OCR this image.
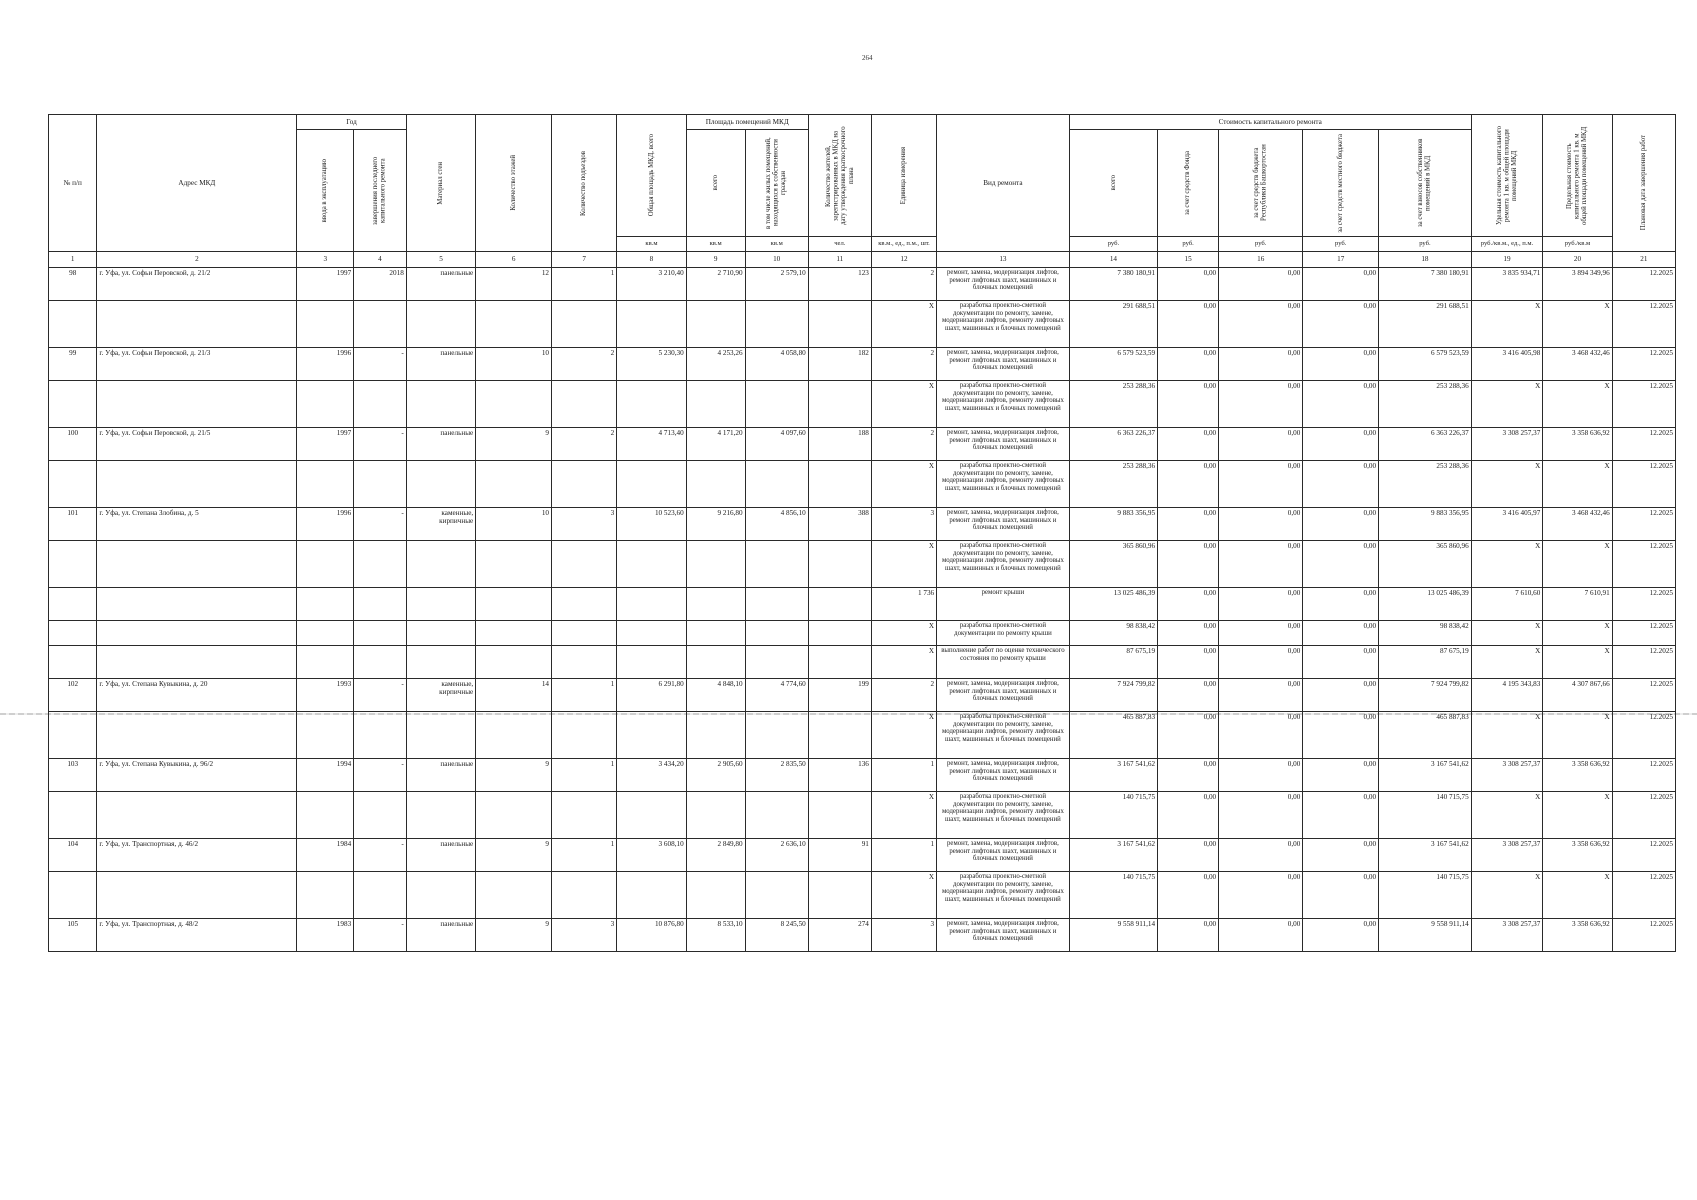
264
№ п/п	Адрес МКД	Год		Материал стен	Количество этажей	Количество подъездов	Общая площадь МКД, всего	Площадь помещений МКД		Количество жителей, зарегистрированных в МКД на дату утверждения краткосрочного плана	Единица измерения	Вид ремонта	Стоимость капитального ремонта					Удельная стоимость капитального ремонта 1 кв. м общей площади помещений МКД	Предельная стоимость капитального ремонта 1 кв. м общей площади помещений МКД	Плановая дата завершения работ

		ввода в эксплуатацию	завершения последнего капитального ремонта					всего	в том числе жилых помещений, находящихся в собственности граждан				всего	за счет средств Фонда	за счет средств бюджета Республики Башкортостан	за счет средств местного бюджета	за счет взносов собственников помещений в МКД			

							кв.м	кв.м	кв.м	чел.	кв.м., ед., п.м., шт.		руб.	руб.	руб.	руб.	руб.	руб./кв.м., ед., п.м.	руб./кв.м	
1	2	3	4	5	6	7	8	9	10	11	12	13	14	15	16	17	18	19	20	21
98	г. Уфа, ул. Софьи Перовской, д. 21/2	1997	2018	панельные	12	1	3 210,40	2 710,90	2 579,10	123	2	ремонт, замена, модернизация лифтов, ремонт лифтовых шахт, машинных и блочных помещений	7 380 180,91	0,00	0,00	0,00	7 380 180,91	3 835 934,71	3 894 349,96	12.2025
											X	разработка проектно-сметной документации по ремонту, замене, модернизации лифтов, ремонту лифтовых шахт, машинных и блочных помещений	291 688,51	0,00	0,00	0,00	291 688,51	X	X	12.2025
99	г. Уфа, ул. Софьи Перовской, д. 21/3	1996	-	панельные	10	2	5 230,30	4 253,26	4 058,80	182	2	ремонт, замена, модернизация лифтов, ремонт лифтовых шахт, машинных и блочных помещений	6 579 523,59	0,00	0,00	0,00	6 579 523,59	3 416 405,98	3 468 432,46	12.2025
											X	разработка проектно-сметной документации по ремонту, замене, модернизации лифтов, ремонту лифтовых шахт, машинных и блочных помещений	253 288,36	0,00	0,00	0,00	253 288,36	X	X	12.2025
100	г. Уфа, ул. Софьи Перовской, д. 21/5	1997	-	панельные	9	2	4 713,40	4 171,20	4 097,60	188	2	ремонт, замена, модернизация лифтов, ремонт лифтовых шахт, машинных и блочных помещений	6 363 226,37	0,00	0,00	0,00	6 363 226,37	3 308 257,37	3 358 636,92	12.2025
											X	разработка проектно-сметной документации по ремонту, замене, модернизации лифтов, ремонту лифтовых шахт, машинных и блочных помещений	253 288,36	0,00	0,00	0,00	253 288,36	X	X	12.2025
101	г. Уфа, ул. Степана Злобина, д. 5	1996	-	каменные, кирпичные	10	3	10 523,60	9 216,80	4 856,10	388	3	ремонт, замена, модернизация лифтов, ремонт лифтовых шахт, машинных и блочных помещений	9 883 356,95	0,00	0,00	0,00	9 883 356,95	3 416 405,97	3 468 432,46	12.2025
											X	разработка проектно-сметной документации по ремонту, замене, модернизации лифтов, ремонту лифтовых шахт, машинных и блочных помещений	365 860,96	0,00	0,00	0,00	365 860,96	X	X	12.2025
											1 736	ремонт крыши	13 025 486,39	0,00	0,00	0,00	13 025 486,39	7 610,60	7 610,91	12.2025
											X	разработка проектно-сметной документации по ремонту крыши	98 838,42	0,00	0,00	0,00	98 838,42	X	X	12.2025
											X	выполнение работ по оценке технического состояния по ремонту крыши	87 675,19	0,00	0,00	0,00	87 675,19	X	X	12.2025
102	г. Уфа, ул. Степана Кувыкина, д. 20	1993	-	каменные, кирпичные	14	1	6 291,80	4 848,10	4 774,60	199	2	ремонт, замена, модернизация лифтов, ремонт лифтовых шахт, машинных и блочных помещений	7 924 799,82	0,00	0,00	0,00	7 924 799,82	4 195 343,83	4 307 867,66	12.2025
											X	разработка проектно-сметной документации по ремонту, замене, модернизации лифтов, ремонту лифтовых шахт, машинных и блочных помещений	465 887,83	0,00	0,00	0,00	465 887,83	X	X	12.2025
103	г. Уфа, ул. Степана Кувыкина, д. 96/2	1994	-	панельные	9	1	3 434,20	2 905,60	2 835,50	136	1	ремонт, замена, модернизация лифтов, ремонт лифтовых шахт, машинных и блочных помещений	3 167 541,62	0,00	0,00	0,00	3 167 541,62	3 308 257,37	3 358 636,92	12.2025
											X	разработка проектно-сметной документации по ремонту, замене, модернизации лифтов, ремонту лифтовых шахт, машинных и блочных помещений	140 715,75	0,00	0,00	0,00	140 715,75	X	X	12.2025
104	г. Уфа, ул. Транспортная, д. 46/2	1984	-	панельные	9	1	3 608,10	2 849,80	2 636,10	91	1	ремонт, замена, модернизация лифтов, ремонт лифтовых шахт, машинных и блочных помещений	3 167 541,62	0,00	0,00	0,00	3 167 541,62	3 308 257,37	3 358 636,92	12.2025
											X	разработка проектно-сметной документации по ремонту, замене, модернизации лифтов, ремонту лифтовых шахт, машинных и блочных помещений	140 715,75	0,00	0,00	0,00	140 715,75	X	X	12.2025
105	г. Уфа, ул. Транспортная, д. 48/2	1983	-	панельные	9	3	10 876,80	8 533,10	8 245,50	274	3	ремонт, замена, модернизация лифтов, ремонт лифтовых шахт, машинных и блочных помещений	9 558 911,14	0,00	0,00	0,00	9 558 911,14	3 308 257,37	3 358 636,92	12.2025
